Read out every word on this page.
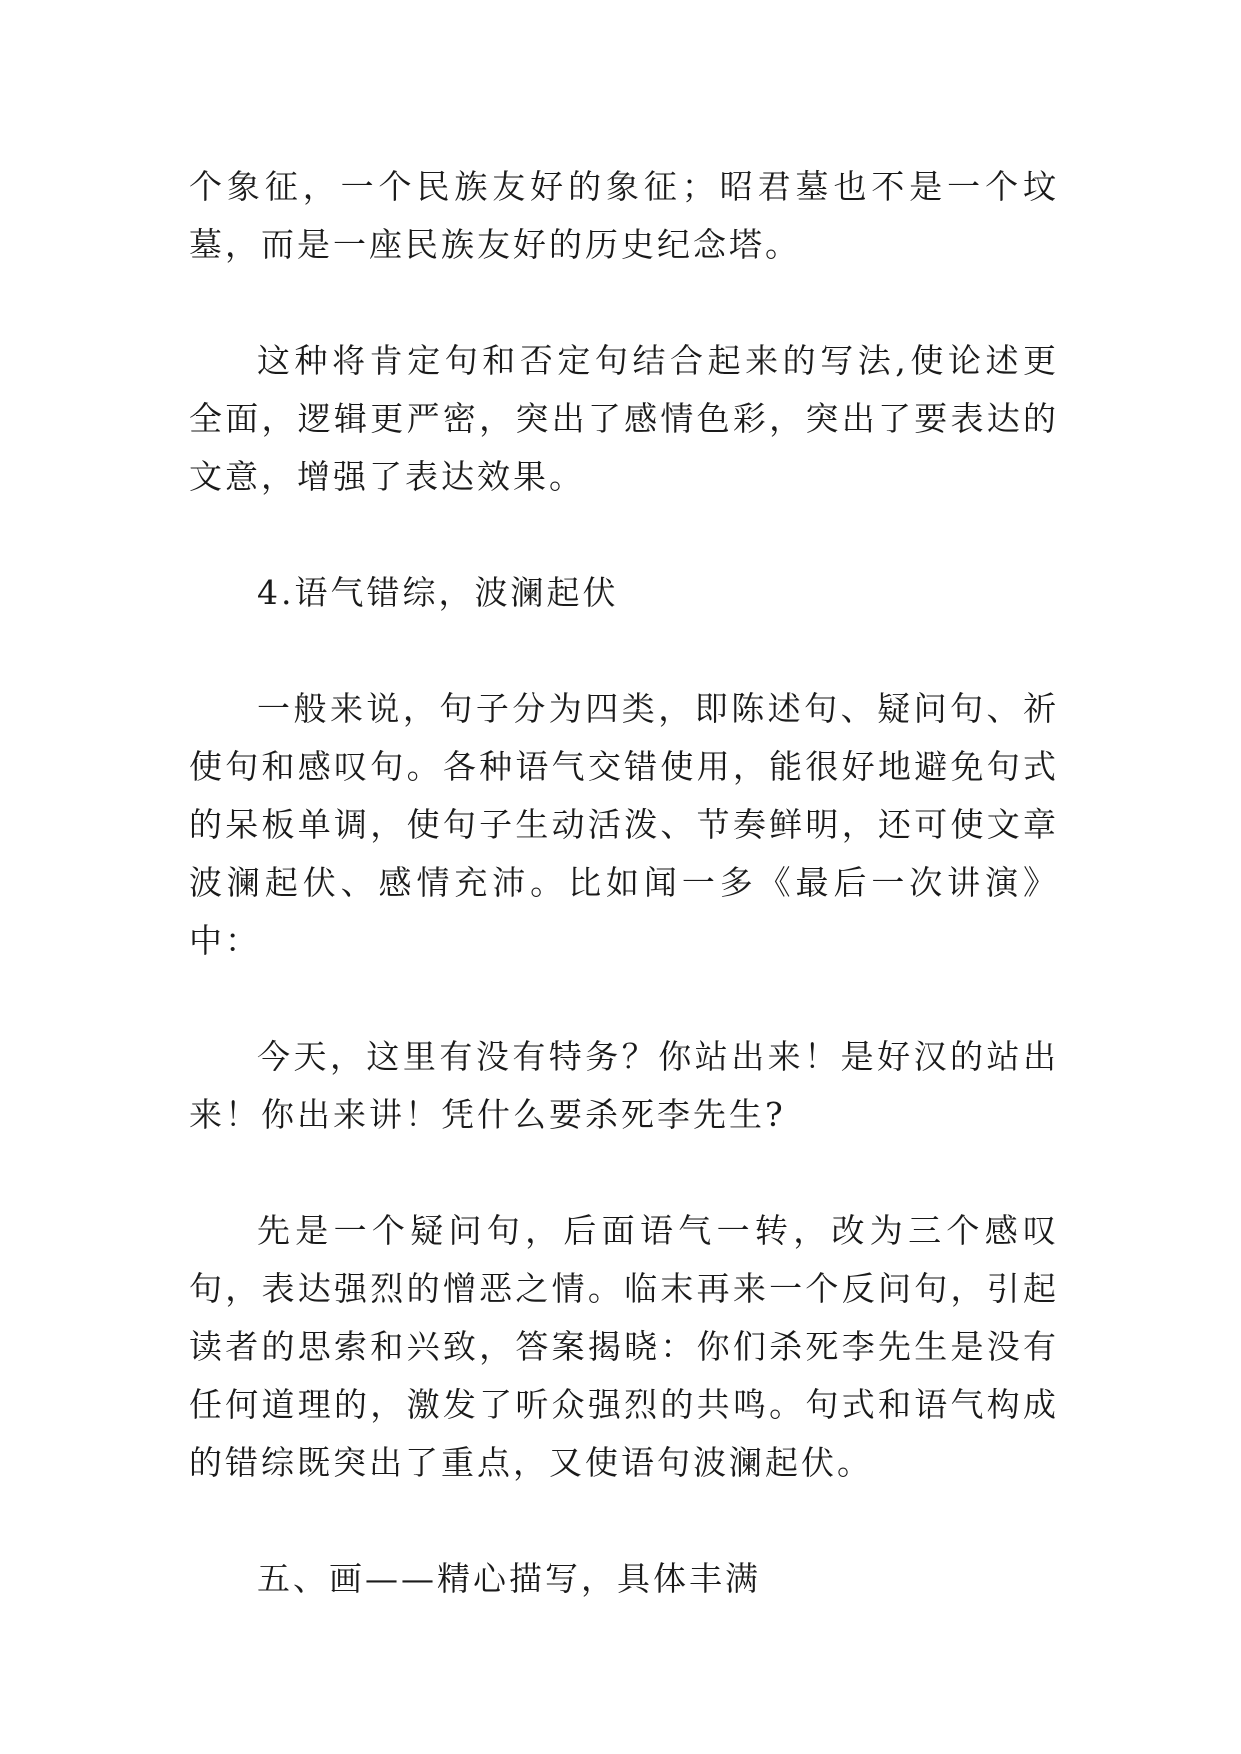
个象征，一个民族友好的象征；昭君墓也不是一个坟墓，而是一座民族友好的历史纪念塔。

这种将肯定句和否定句结合起来的写法,使论述更全面，逻辑更严密，突出了感情色彩，突出了要表达的文意，增强了表达效果。

4.语气错综，波澜起伏

一般来说，句子分为四类，即陈述句、疑问句、祈使句和感叹句。各种语气交错使用，能很好地避免句式的呆板单调，使句子生动活泼、节奏鲜明，还可使文章波澜起伏、感情充沛。比如闻一多《最后一次讲演》中：

今天，这里有没有特务？你站出来！是好汉的站出来！你出来讲！凭什么要杀死李先生?

先是一个疑问句，后面语气一转，改为三个感叹句，表达强烈的憎恶之情。临末再来一个反问句，引起读者的思索和兴致，答案揭晓：你们杀死李先生是没有任何道理的，激发了听众强烈的共鸣。句式和语气构成的错综既突出了重点，又使语句波澜起伏。

五、画——精心描写，具体丰满
